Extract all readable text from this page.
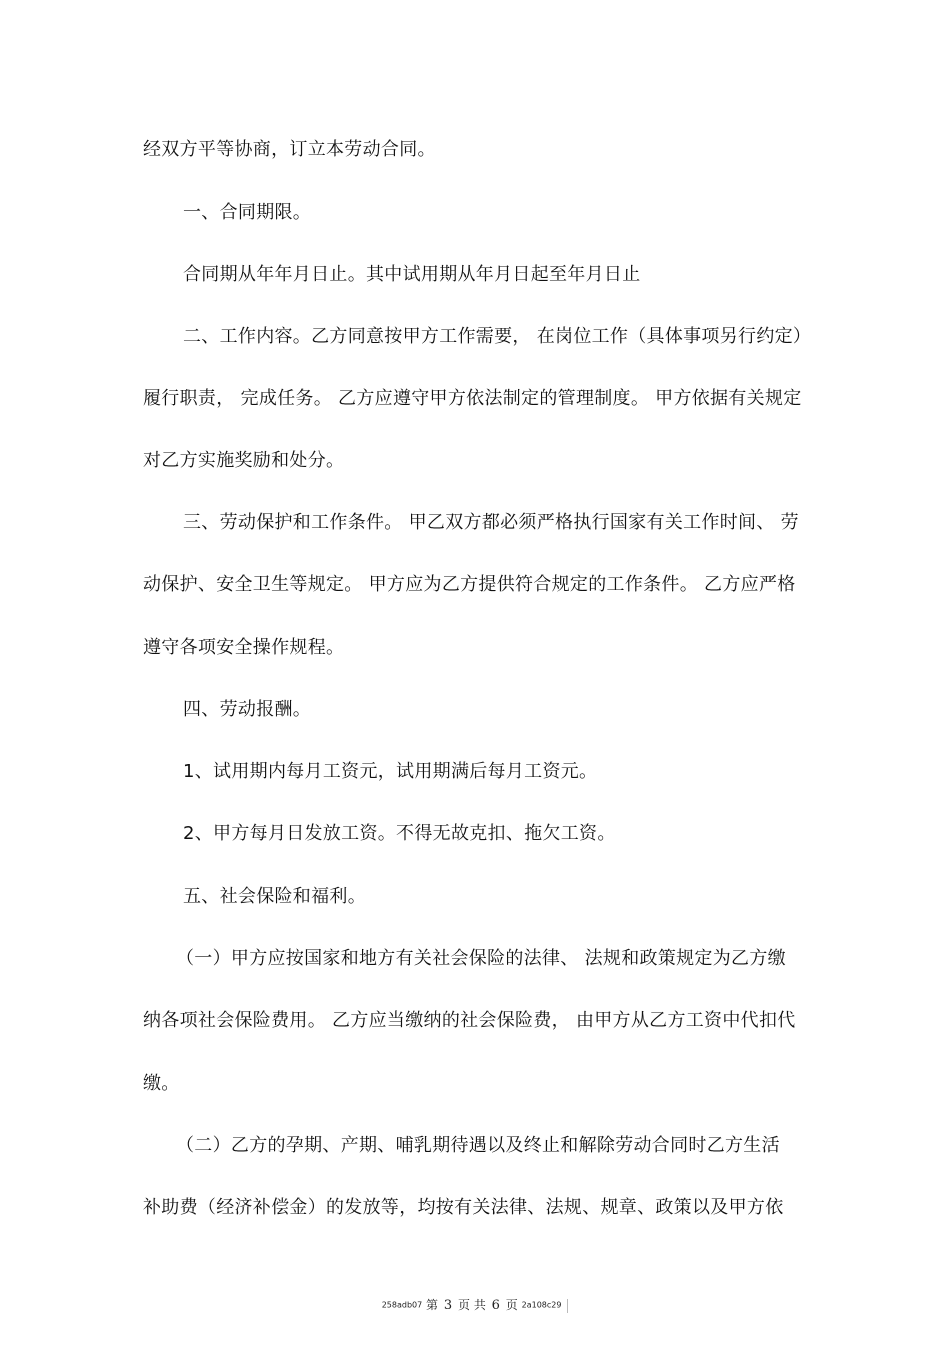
经双方平等协商，订立本劳动合同。
一、合同期限。
合同期从年年月日止。其中试用期从年月日起至年月日止
二、工作内容。乙方同意按甲方工作需要， 在岗位工作（具体事项另行约定）
履行职责， 完成任务。 乙方应遵守甲方依法制定的管理制度。 甲方依据有关规定
对乙方实施奖励和处分。
三、劳动保护和工作条件。 甲乙双方都必须严格执行国家有关工作时间、 劳
动保护、安全卫生等规定。 甲方应为乙方提供符合规定的工作条件。 乙方应严格
遵守各项安全操作规程。
四、劳动报酬。
1、试用期内每月工资元，试用期满后每月工资元。
2、甲方每月日发放工资。不得无故克扣、拖欠工资。
五、社会保险和福利。
（一）甲方应按国家和地方有关社会保险的法律、 法规和政策规定为乙方缴
纳各项社会保险费用。 乙方应当缴纳的社会保险费， 由甲方从乙方工资中代扣代
缴。
（二）乙方的孕期、产期、哺乳期待遇以及终止和解除劳动合同时乙方生活
补助费（经济补偿金）的发放等，均按有关法律、法规、规章、政策以及甲方依
258adb07 第 3 页 共 6 页 2a108c29
